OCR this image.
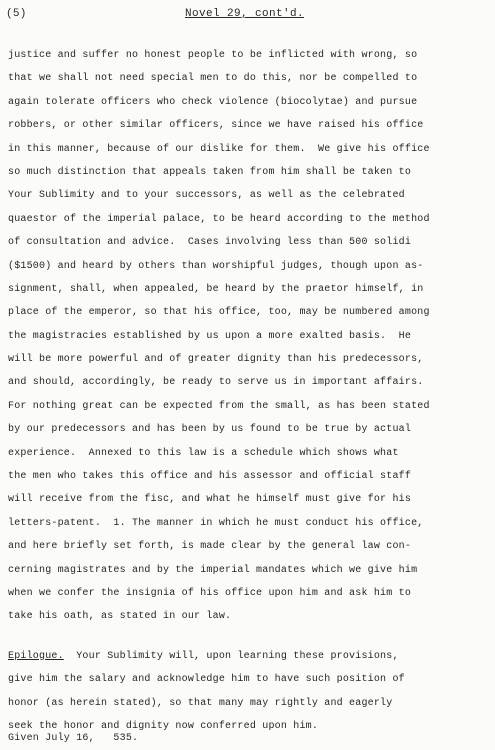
(5)	Novel 29, cont'd.
justice and suffer no honest people to be inflicted with wrong, so
that we shall not need special men to do this, nor be compelled to
again tolerate officers who check violence (biocolytae) and pursue
robbers, or other similar officers, since we have raised his office
in this manner, because of our dislike for them.  We give his office
so much distinction that appeals taken from him shall be taken to
Your Sublimity and to your successors, as well as the celebrated
quaestor of the imperial palace, to be heard according to the method
of consultation and advice.  Cases involving less than 500 solidi
($1500) and heard by others than worshipful judges, though upon as-
signment, shall, when appealed, be heard by the praetor himself, in
place of the emperor, so that his office, too, may be numbered among
the magistracies established by us upon a more exalted basis.  He
will be more powerful and of greater dignity than his predecessors,
and should, accordingly, be ready to serve us in important affairs.
For nothing great can be expected from the small, as has been stated
by our predecessors and has been by us found to be true by actual
experience.  Annexed to this law is a schedule which shows what
the men who takes this office and his assessor and official staff
will receive from the fisc, and what he himself must give for his
letters-patent.  1. The manner in which he must conduct his office,
and here briefly set forth, is made clear by the general law con-
cerning magistrates and by the imperial mandates which we give him
when we confer the insignia of his office upon him and ask him to
take his oath, as stated in our law.
Epilogue.  Your Sublimity will, upon learning these provisions,
give him the salary and acknowledge him to have such position of
honor (as herein stated), so that many may rightly and eagerly
seek the honor and dignity now conferred upon him.
Given July 16,   535.
